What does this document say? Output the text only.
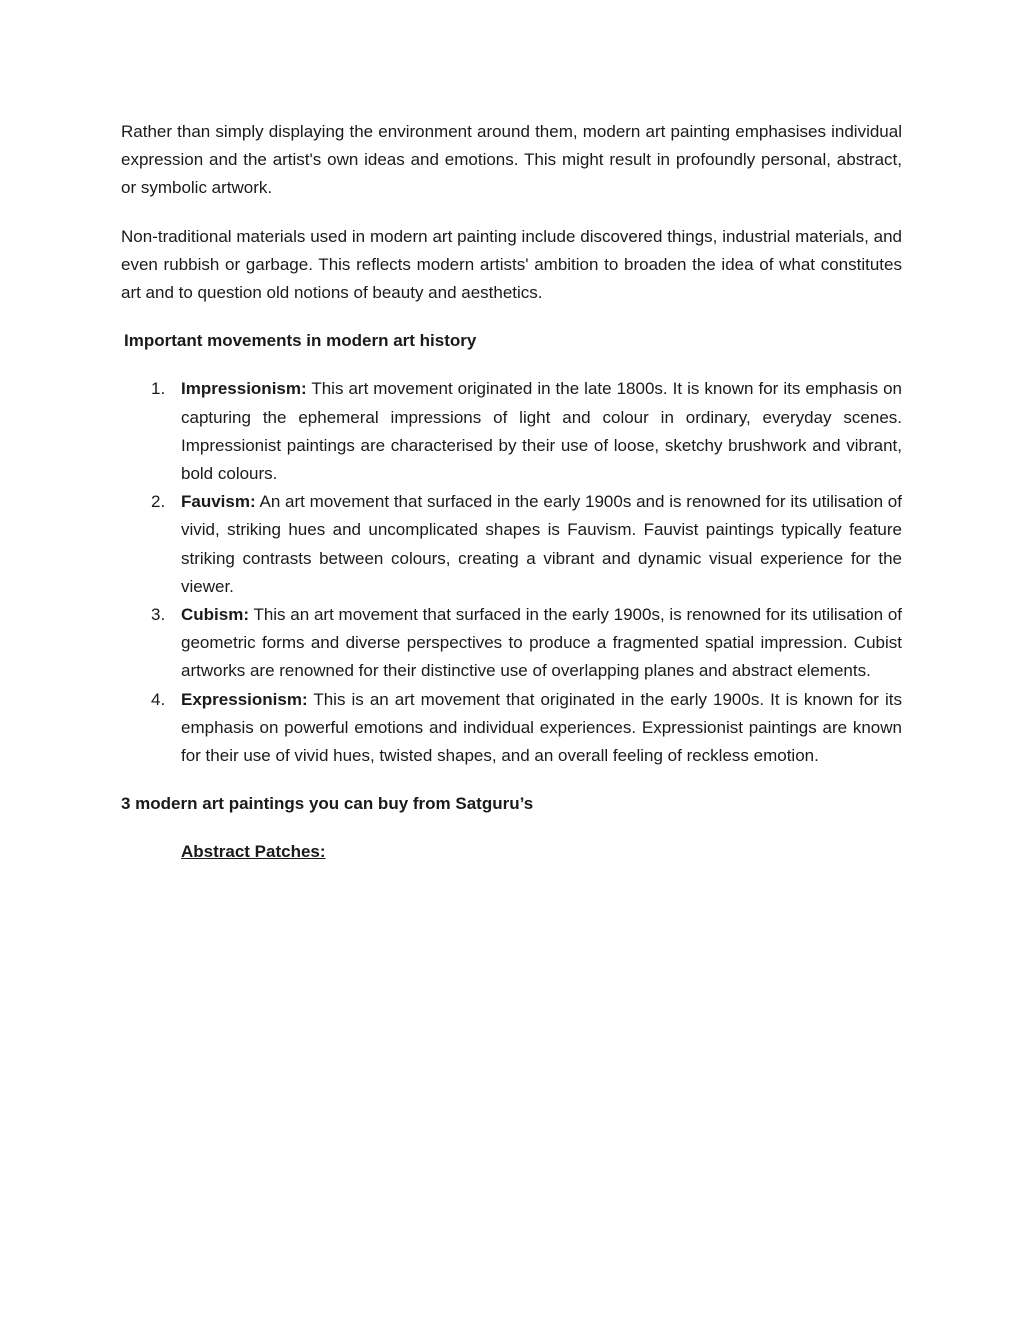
Rather than simply displaying the environment around them, modern art painting emphasises individual expression and the artist's own ideas and emotions. This might result in profoundly personal, abstract, or symbolic artwork.

Non-traditional materials used in modern art painting include discovered things, industrial materials, and even rubbish or garbage. This reflects modern artists' ambition to broaden the idea of what constitutes art and to question old notions of beauty and aesthetics.

Important movements in modern art history

1. Impressionism: This art movement originated in the late 1800s. It is known for its emphasis on capturing the ephemeral impressions of light and colour in ordinary, everyday scenes. Impressionist paintings are characterised by their use of loose, sketchy brushwork and vibrant, bold colours.
2. Fauvism: An art movement that surfaced in the early 1900s and is renowned for its utilisation of vivid, striking hues and uncomplicated shapes is Fauvism. Fauvist paintings typically feature striking contrasts between colours, creating a vibrant and dynamic visual experience for the viewer.
3. Cubism: This an art movement that surfaced in the early 1900s, is renowned for its utilisation of geometric forms and diverse perspectives to produce a fragmented spatial impression. Cubist artworks are renowned for their distinctive use of overlapping planes and abstract elements.
4. Expressionism: This is an art movement that originated in the early 1900s. It is known for its emphasis on powerful emotions and individual experiences. Expressionist paintings are known for their use of vivid hues, twisted shapes, and an overall feeling of reckless emotion.

3 modern art paintings you can buy from Satguru’s

Abstract Patches:
